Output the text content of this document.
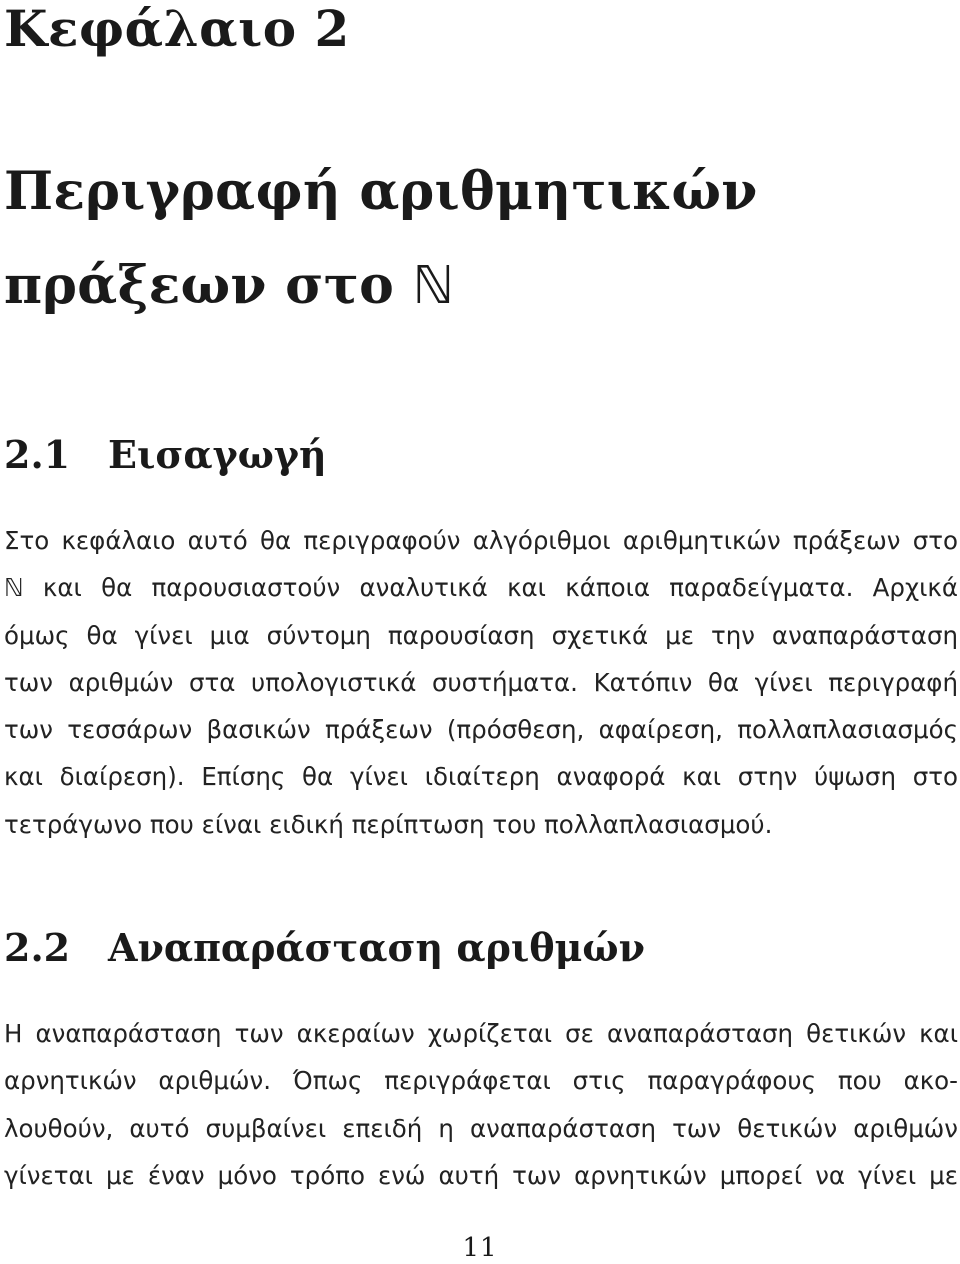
Κεφάλαιο 2
Περιγραφή αριθμητικών
πράξεων στο ℕ
2.1 Εισαγωγή
Στο κεφάλαιο αυτό θα περιγραφούν αλγόριθμοι αριθμητικών πράξεων στο
ℕ και θα παρουσιαστούν αναλυτικά και κάποια παραδείγματα. Αρχικά
όμως θα γίνει μια σύντομη παρουσίαση σχετικά με την αναπαράσταση
των αριθμών στα υπολογιστικά συστήματα. Κατόπιν θα γίνει περιγραφή
των τεσσάρων βασικών πράξεων (πρόσθεση, αφαίρεση, πολλαπλασιασμός
και διαίρεση). Επίσης θα γίνει ιδιαίτερη αναφορά και στην ύψωση στο
τετράγωνο που είναι ειδική περίπτωση του πολλαπλασιασμού.
2.2 Αναπαράσταση αριθμών
Η αναπαράσταση των ακεραίων χωρίζεται σε αναπαράσταση θετικών και
αρνητικών αριθμών. Όπως περιγράφεται στις παραγράφους που ακο-
λουθούν, αυτό συμβαίνει επειδή η αναπαράσταση των θετικών αριθμών
γίνεται με έναν μόνο τρόπο ενώ αυτή των αρνητικών μπορεί να γίνει με
11
